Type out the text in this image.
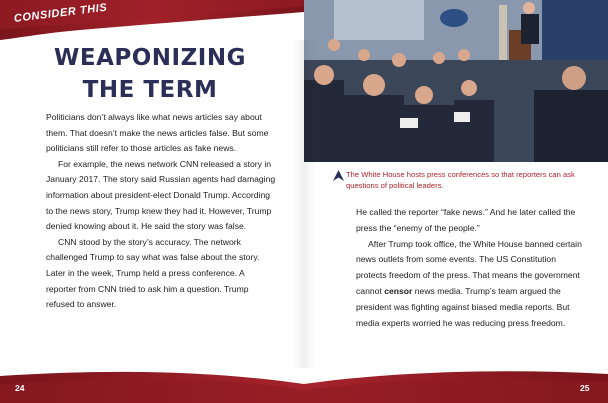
CONSIDER THIS
WEAPONIZING
THE TERM

Politicians don’t always like what news articles say about them. That doesn’t make the news articles false. But some politicians still refer to those articles as fake news.

For example, the news network CNN released a story in January 2017. The story said Russian agents had damaging information about president-elect Donald Trump. According to the news story, Trump knew they had it. However, Trump denied knowing about it. He said the story was false.

CNN stood by the story’s accuracy. The network challenged Trump to say what was false about the story. Later in the week, Trump held a press conference. A reporter from CNN tried to ask him a question. Trump refused to answer.

The White House hosts press conferences so that reporters can ask questions of political leaders.

He called the reporter “fake news.” And he later called the press the “enemy of the people.”

After Trump took office, the White House banned certain news outlets from some events. The US Constitution protects freedom of the press. That means the government cannot censor news media. Trump’s team argued the president was fighting against biased media reports. But media experts worried he was reducing press freedom.

24	25
